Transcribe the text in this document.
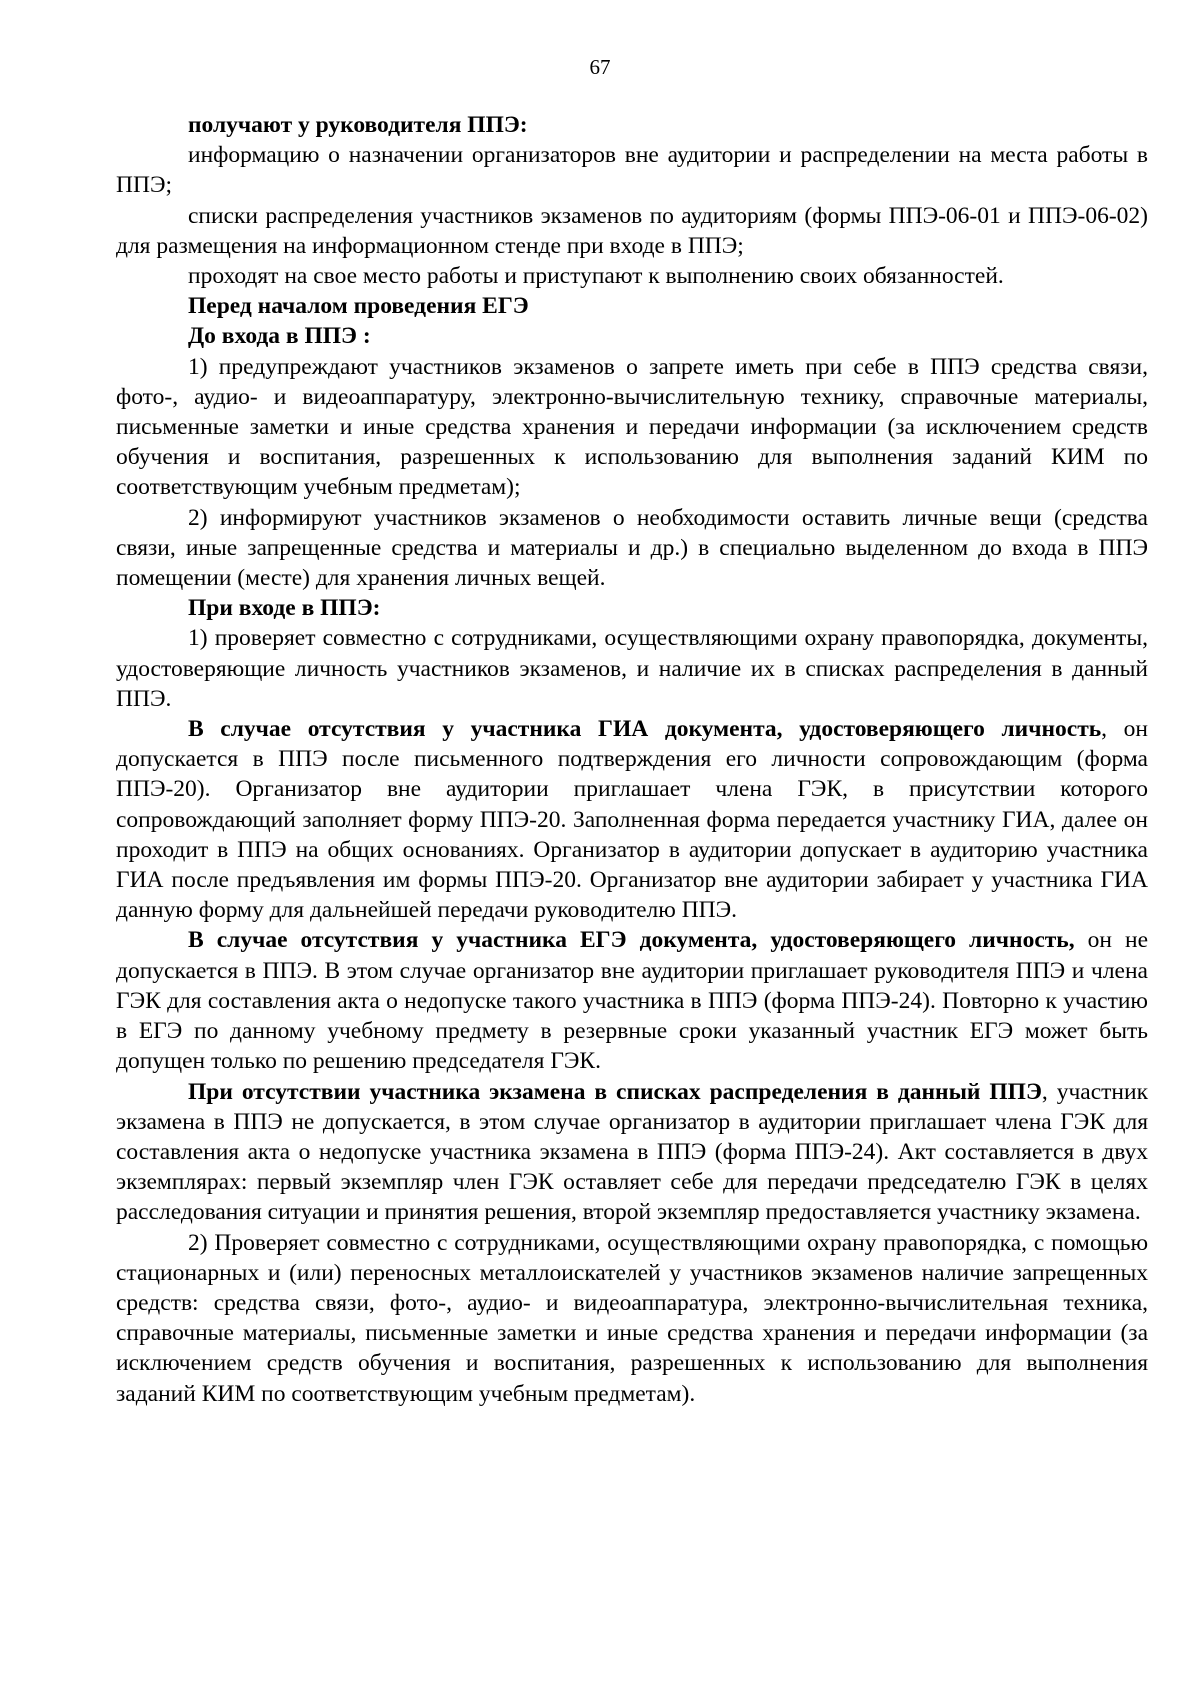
67

получают у руководителя ППЭ:

информацию о назначении организаторов вне аудитории и распределении на места работы в ППЭ;

списки распределения участников экзаменов по аудиториям (формы ППЭ-06-01 и ППЭ-06-02) для размещения на информационном стенде при входе в ППЭ;

проходят на свое место работы и приступают к выполнению своих обязанностей.

Перед началом проведения ЕГЭ

До входа в ППЭ :

1) предупреждают участников экзаменов о запрете иметь при себе в ППЭ средства связи, фото-, аудио- и видеоаппаратуру, электронно-вычислительную технику, справочные материалы, письменные заметки и иные средства хранения и передачи информации (за исключением средств обучения и воспитания, разрешенных к использованию для выполнения заданий КИМ по соответствующим учебным предметам);

2) информируют участников экзаменов о необходимости оставить личные вещи (средства связи, иные запрещенные средства и материалы и др.) в специально выделенном до входа в ППЭ помещении (месте) для хранения личных вещей.

При входе в ППЭ:

1) проверяет совместно с сотрудниками, осуществляющими охрану правопорядка, документы, удостоверяющие личность участников экзаменов, и наличие их в списках распределения в данный ППЭ.

В случае отсутствия у участника ГИА документа, удостоверяющего личность, он допускается в ППЭ после письменного подтверждения его личности сопровождающим (форма ППЭ-20). Организатор вне аудитории приглашает члена ГЭК, в присутствии которого сопровождающий заполняет форму ППЭ-20. Заполненная форма передается участнику ГИА, далее он проходит в ППЭ на общих основаниях. Организатор в аудитории допускает в аудиторию участника ГИА после предъявления им формы ППЭ-20. Организатор вне аудитории забирает у участника ГИА данную форму для дальнейшей передачи руководителю ППЭ.

В случае отсутствия у участника ЕГЭ документа, удостоверяющего личность, он не допускается в ППЭ. В этом случае организатор вне аудитории приглашает руководителя ППЭ и члена ГЭК для составления акта о недопуске такого участника в ППЭ (форма ППЭ-24). Повторно к участию в ЕГЭ по данному учебному предмету в резервные сроки указанный участник ЕГЭ может быть допущен только по решению председателя ГЭК.

При отсутствии участника экзамена в списках распределения в данный ППЭ, участник экзамена в ППЭ не допускается, в этом случае организатор в аудитории приглашает члена ГЭК для составления акта о недопуске участника экзамена в ППЭ (форма ППЭ-24). Акт составляется в двух экземплярах: первый экземпляр член ГЭК оставляет себе для передачи председателю ГЭК в целях расследования ситуации и принятия решения, второй экземпляр предоставляется участнику экзамена.

2) Проверяет совместно с сотрудниками, осуществляющими охрану правопорядка, с помощью стационарных и (или) переносных металлоискателей у участников экзаменов наличие запрещенных средств: средства связи, фото-, аудио- и видеоаппаратура, электронно-вычислительная техника, справочные материалы, письменные заметки и иные средства хранения и передачи информации (за исключением средств обучения и воспитания, разрешенных к использованию для выполнения заданий КИМ по соответствующим учебным предметам).
